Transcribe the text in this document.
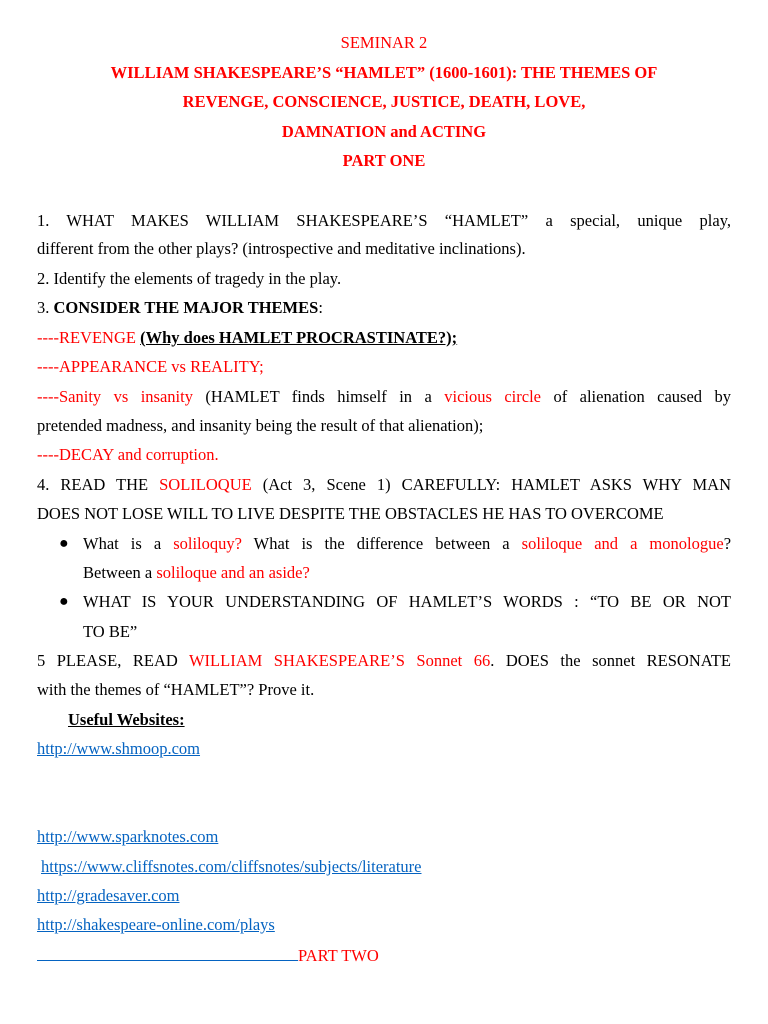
SEMINAR 2
WILLIAM SHAKESPEARE’S “HAMLET” (1600-1601): THE THEMES OF
REVENGE, CONSCIENCE, JUSTICE, DEATH, LOVE,
DAMNATION and ACTING
PART ONE
1. WHAT MAKES WILLIAM SHAKESPEARE’S “HAMLET” a special, unique play,
different from the other plays? (introspective and meditative inclinations).
2. Identify the elements of tragedy in the play.
3. CONSIDER THE MAJOR THEMES:
----REVENGE (Why does HAMLET PROCRASTINATE?);
----APPEARANCE vs REALITY;
----Sanity vs insanity (HAMLET finds himself in a vicious circle of alienation caused by
pretended madness, and insanity being the result of that alienation);
----DECAY and corruption.
4. READ THE SOLILOQUE (Act 3, Scene 1) CAREFULLY: HAMLET ASKS WHY MAN
DOES NOT LOSE WILL TO LIVE DESPITE THE OBSTACLES HE HAS TO OVERCOME
● What is a soliloquy? What is the difference between a soliloque and a monologue?
Between a soliloque and an aside?
● WHAT IS YOUR UNDERSTANDING OF HAMLET’S WORDS : “TO BE OR NOT
TO BE”
5 PLEASE, READ WILLIAM SHAKESPEARE’S Sonnet 66. DOES the sonnet RESONATE
with the themes of “HAMLET”? Prove it.
Useful Websites:
http://www.shmoop.com
http://www.sparknotes.com
https://www.cliffsnotes.com/cliffsnotes/subjects/literature
http://gradesaver.com
http://shakespeare-online.com/plays
PART TWO
